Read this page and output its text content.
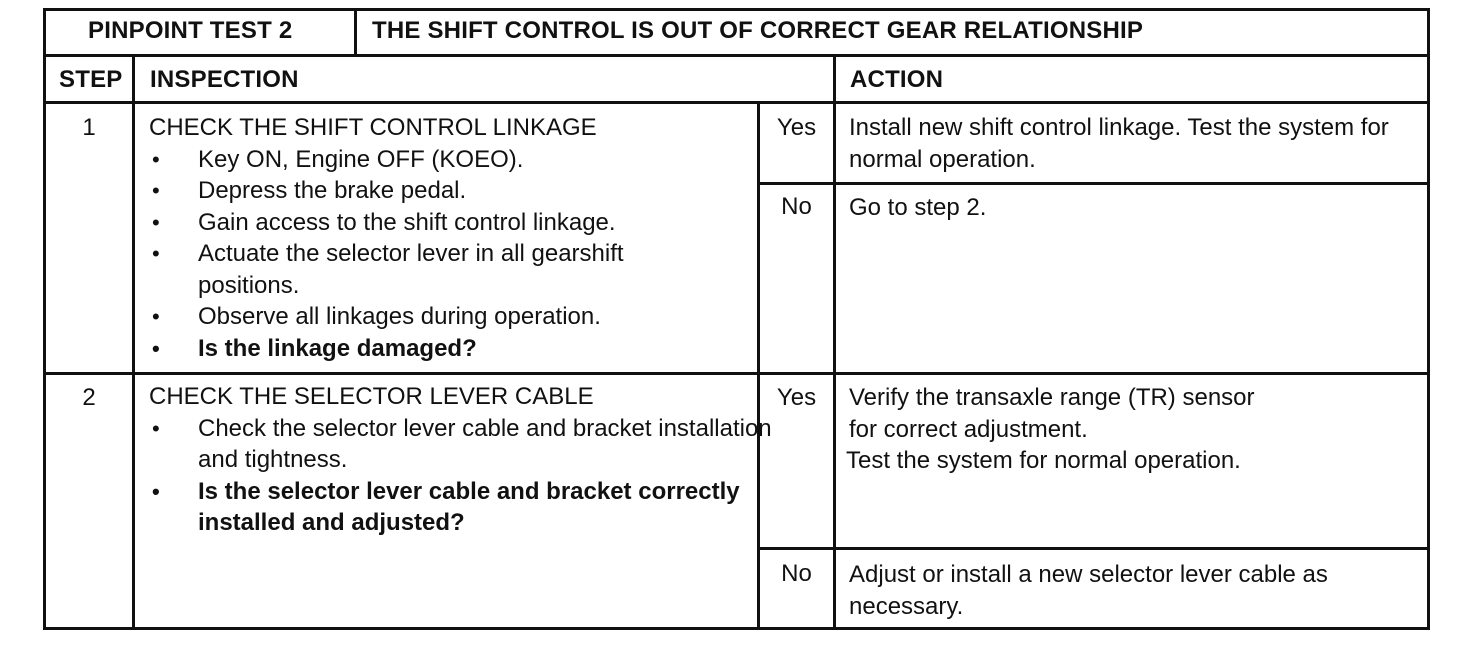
PINPOINT TEST 2	THE SHIFT CONTROL IS OUT OF CORRECT GEAR RELATIONSHIP
STEP INSPECTION	ACTION
1	CHECK THE SHIFT CONTROL LINKAGE
• Key ON, Engine OFF (KOEO).
• Depress the brake pedal.
• Gain access to the shift control linkage.
• Actuate the selector lever in all gearshift positions.
• Observe all linkages during operation.
• Is the linkage damaged?
Yes	Install new shift control linkage. Test the system for normal operation.
No	Go to step 2.
2	CHECK THE SELECTOR LEVER CABLE
• Check the selector lever cable and bracket installation and tightness.
• Is the selector lever cable and bracket correctly installed and adjusted?
Yes	Verify the transaxle range (TR) sensor
for correct adjustment.
Test the system for normal operation.
No	Adjust or install a new selector lever cable as necessary.
